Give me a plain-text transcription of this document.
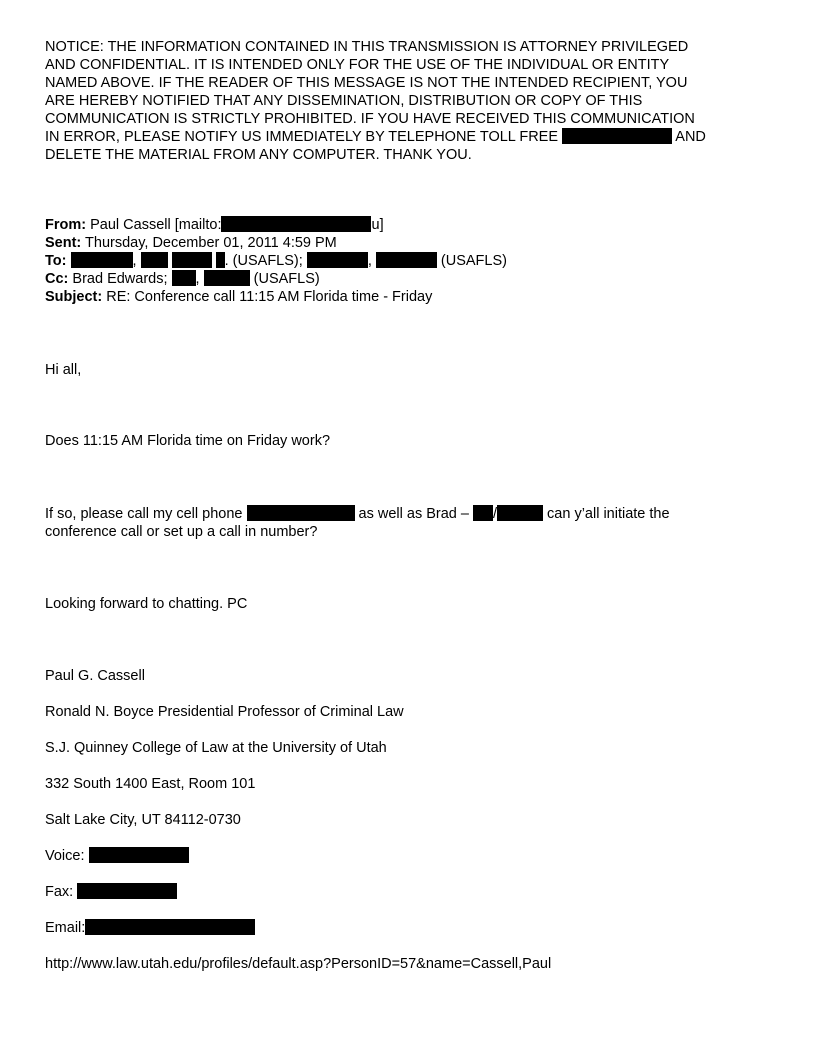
NOTICE: THE INFORMATION CONTAINED IN THIS TRANSMISSION IS ATTORNEY PRIVILEGED

AND CONFIDENTIAL. IT IS INTENDED ONLY FOR THE USE OF THE INDIVIDUAL OR ENTITY

NAMED ABOVE. IF THE READER OF THIS MESSAGE IS NOT THE INTENDED RECIPIENT, YOU

ARE HEREBY NOTIFIED THAT ANY DISSEMINATION, DISTRIBUTION OR COPY OF THIS

COMMUNICATION IS STRICTLY PROHIBITED. IF YOU HAVE RECEIVED THIS COMMUNICATION

IN ERROR, PLEASE NOTIFY US IMMEDIATELY BY TELEPHONE TOLL FREE	AND

DELETE THE MATERIAL FROM ANY COMPUTER. THANK YOU.

From: Paul Cassell [mailto:	u]
Sent: Thursday, December 01, 2011 4:59 PM
To:	,	. (USAFLS);	,	(USAFLS)
Cc: Brad Edwards; ,	(USAFLS)
Subject: RE: Conference call 11:15 AM Florida time - Friday

Hi all,

Does 11:15 AM Florida time on Friday work?

If so, please call my cell phone	as well as Brad – /	can y’all initiate the

conference call or set up a call in number?

Looking forward to chatting. PC

Paul G. Cassell

Ronald N. Boyce Presidential Professor of Criminal Law

S.J. Quinney College of Law at the University of Utah

332 South 1400 East, Room 101

Salt Lake City, UT 84112-0730

Voice:

Fax:

Email:

http://www.law.utah.edu/profiles/default.asp?PersonID=57&name=Cassell,Paul
